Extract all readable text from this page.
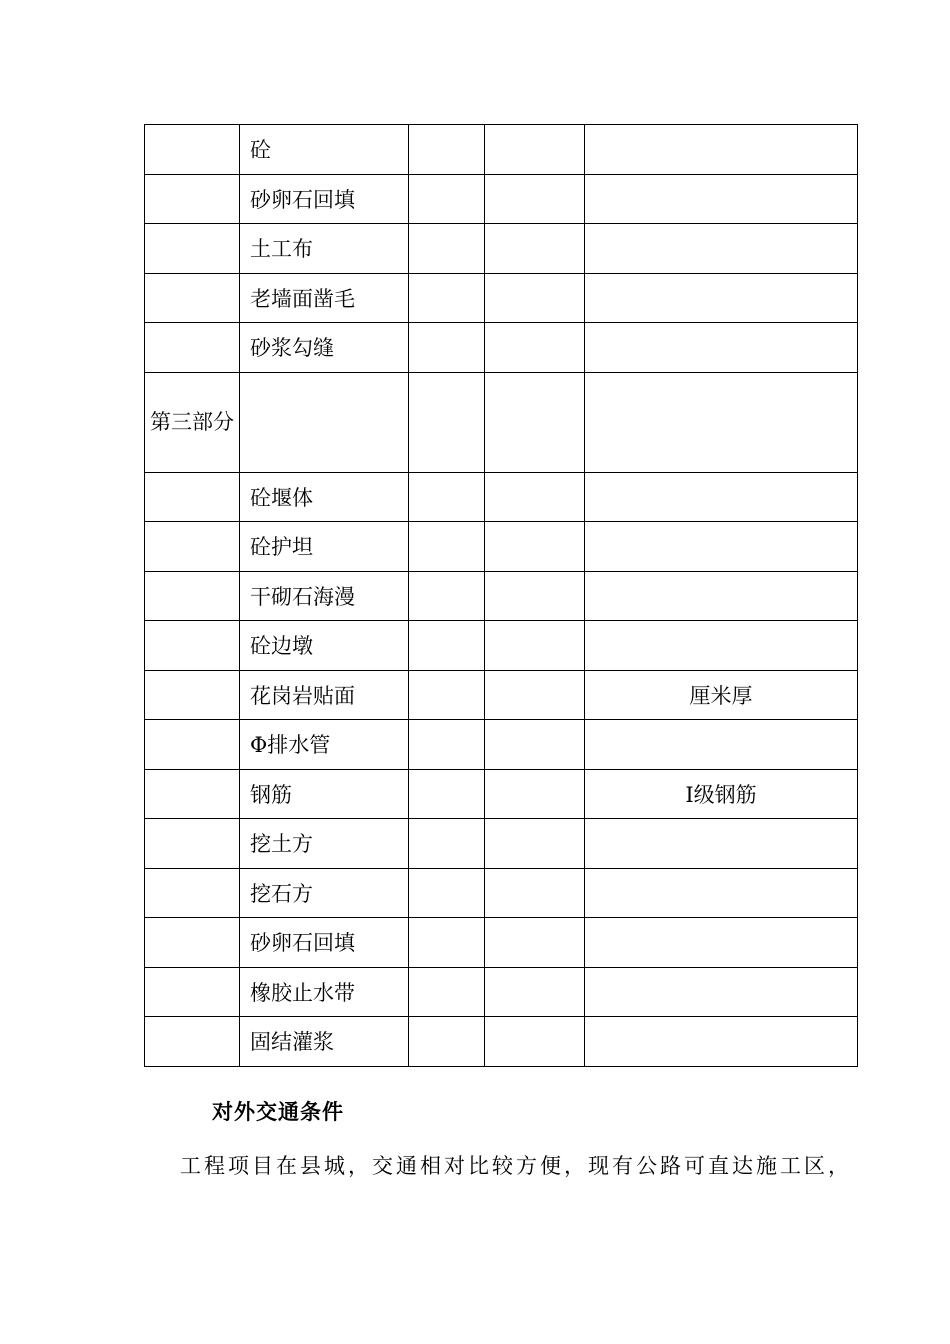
	砼			
	砂卵石回填			
	土工布			
	老墙面凿毛			
	砂浆勾缝			
第三部分				
	砼堰体			
	砼护坦			
	干砌石海漫			
	砼边墩			
	花岗岩贴面			厘米厚
	Φ排水管			
	钢筋			Ⅰ级钢筋
	挖土方			
	挖石方			
	砂卵石回填			
	橡胶止水带			
	固结灌浆			
对外交通条件
工程项目在县城，交通相对比较方便，现有公路可直达施工区，
